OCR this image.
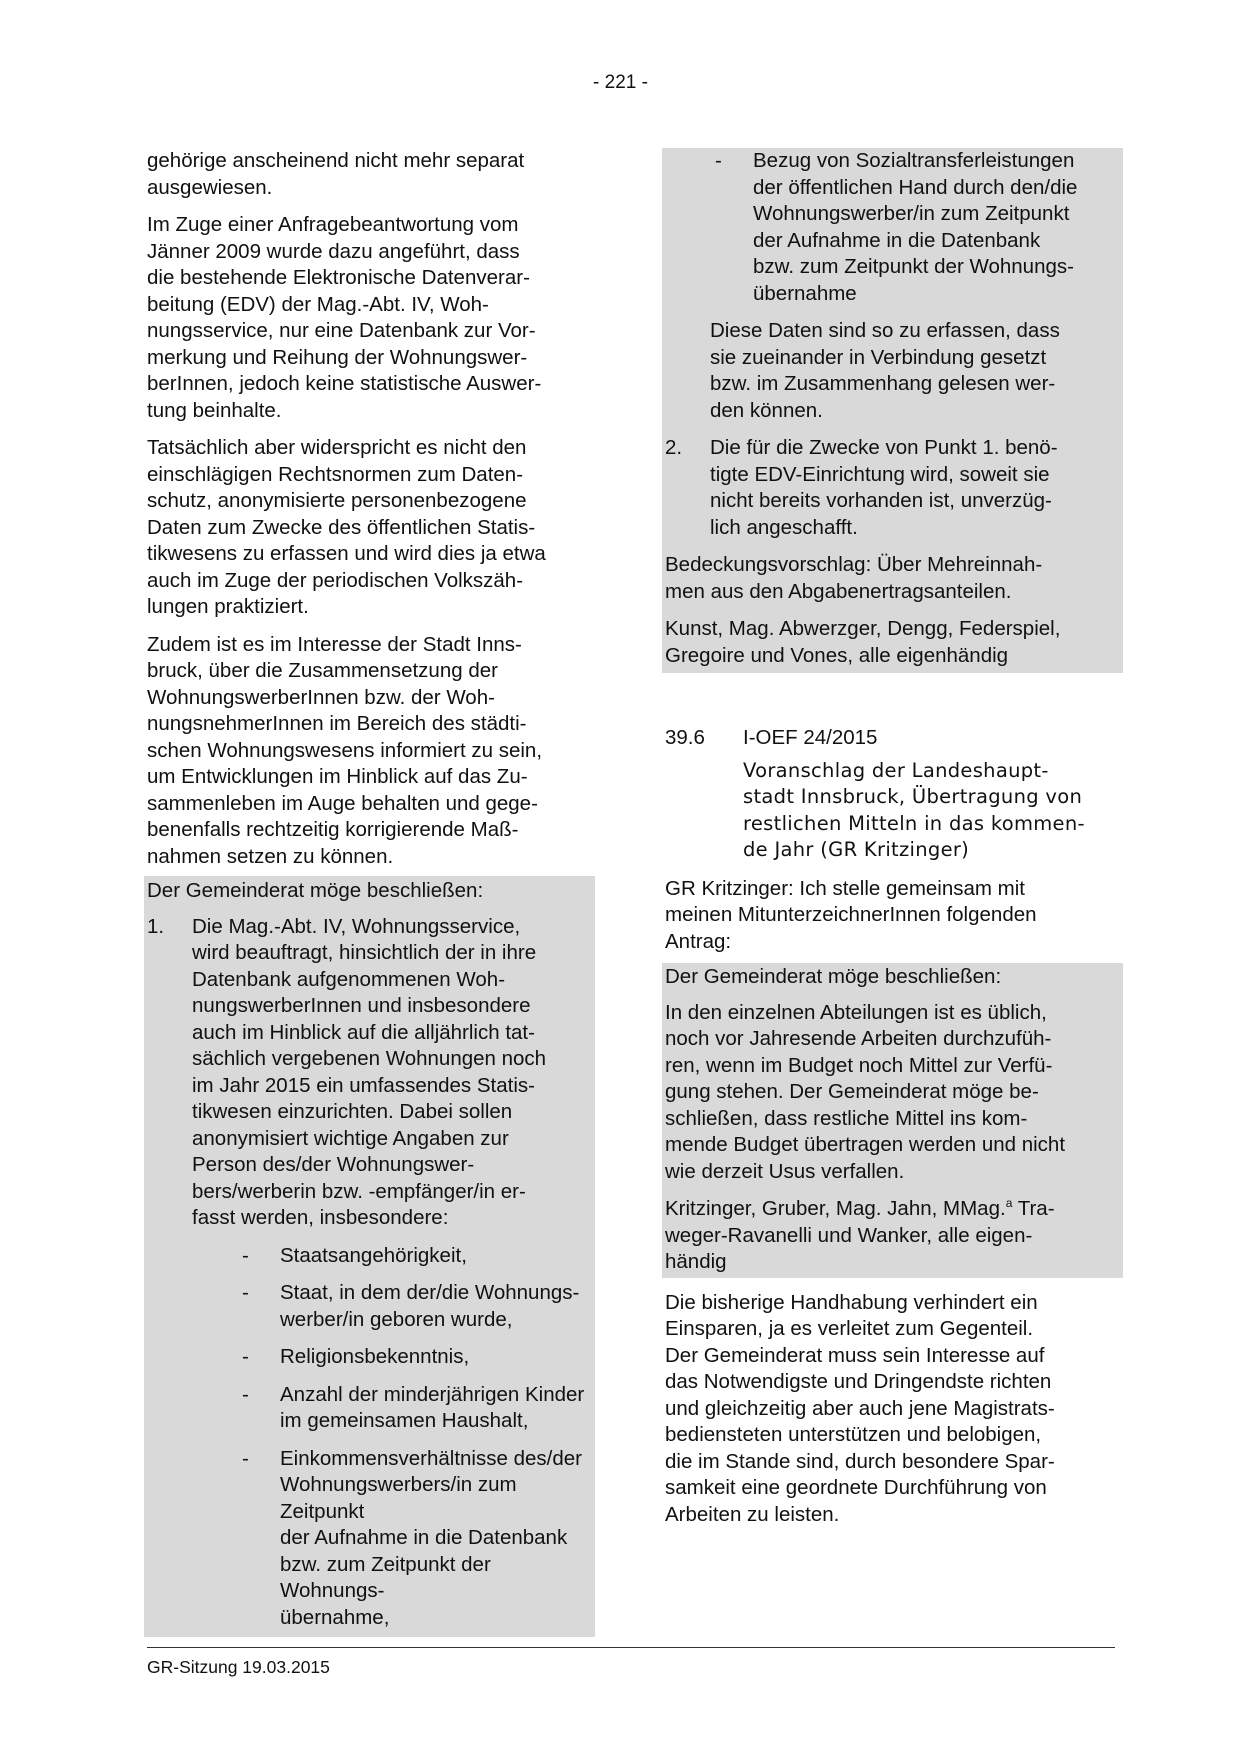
- 221 -

gehörige anscheinend nicht mehr separat
ausgewiesen.

Im Zuge einer Anfragebeantwortung vom
Jänner 2009 wurde dazu angeführt, dass
die bestehende Elektronische Datenverar-
beitung (EDV) der Mag.-Abt. IV, Woh-
nungsservice, nur eine Datenbank zur Vor-
merkung und Reihung der Wohnungswer-
berInnen, jedoch keine statistische Auswer-
tung beinhalte.

Tatsächlich aber widerspricht es nicht den
einschlägigen Rechtsnormen zum Daten-
schutz, anonymisierte personenbezogene
Daten zum Zwecke des öffentlichen Statis-
tikwesens zu erfassen und wird dies ja etwa
auch im Zuge der periodischen Volkszäh-
lungen praktiziert.

Zudem ist es im Interesse der Stadt Inns-
bruck, über die Zusammensetzung der
WohnungswerberInnen bzw. der Woh-
nungsnehmerInnen im Bereich des städti-
schen Wohnungswesens informiert zu sein,
um Entwicklungen im Hinblick auf das Zu-
sammenleben im Auge behalten und gege-
benenfalls rechtzeitig korrigierende Maß-
nahmen setzen zu können.

Der Gemeinderat möge beschließen:

1.	Die Mag.-Abt. IV, Wohnungsservice,
wird beauftragt, hinsichtlich der in ihre
Datenbank aufgenommenen Woh-
nungswerberInnen und insbesondere
auch im Hinblick auf die alljährlich tat-
sächlich vergebenen Wohnungen noch
im Jahr 2015 ein umfassendes Statis-
tikwesen einzurichten. Dabei sollen
anonymisiert wichtige Angaben zur
Person des/der Wohnungswer-
bers/werberin bzw. -empfänger/in er-
fasst werden, insbesondere:

-	Staatsangehörigkeit,
-	Staat, in dem der/die Wohnungs-
werber/in geboren wurde,
-	Religionsbekenntnis,
-	Anzahl der minderjährigen Kinder
im gemeinsamen Haushalt,
-	Einkommensverhältnisse des/der
Wohnungswerbers/in zum Zeitpunkt
der Aufnahme in die Datenbank
bzw. zum Zeitpunkt der Wohnungs-
übernahme,
-	Bezug von Sozialtransferleistungen
der öffentlichen Hand durch den/die
Wohnungswerber/in zum Zeitpunkt
der Aufnahme in die Datenbank
bzw. zum Zeitpunkt der Wohnungs-
übernahme

Diese Daten sind so zu erfassen, dass
sie zueinander in Verbindung gesetzt
bzw. im Zusammenhang gelesen wer-
den können.

2.	Die für die Zwecke von Punkt 1. benö-
tigte EDV-Einrichtung wird, soweit sie
nicht bereits vorhanden ist, unverzüg-
lich angeschafft.

Bedeckungsvorschlag: Über Mehreinnah-
men aus den Abgabenertragsanteilen.

Kunst, Mag. Abwerzger, Dengg, Federspiel,
Gregoire und Vones, alle eigenhändig

39.6	I-OEF 24/2015
Voranschlag der Landeshaupt-
stadt Innsbruck, Übertragung von
restlichen Mitteln in das kommen-
de Jahr (GR Kritzinger)

GR Kritzinger: Ich stelle gemeinsam mit
meinen MitunterzeichnerInnen folgenden
Antrag:

Der Gemeinderat möge beschließen:

In den einzelnen Abteilungen ist es üblich,
noch vor Jahresende Arbeiten durchzufüh-
ren, wenn im Budget noch Mittel zur Verfü-
gung stehen. Der Gemeinderat möge be-
schließen, dass restliche Mittel ins kom-
mende Budget übertragen werden und nicht
wie derzeit Usus verfallen.

Kritzinger, Gruber, Mag. Jahn, MMag.$^a$ Tra-
weger-Ravanelli und Wanker, alle eigen-
händig

Die bisherige Handhabung verhindert ein
Einsparen, ja es verleitet zum Gegenteil.
Der Gemeinderat muss sein Interesse auf
das Notwendigste und Dringendste richten
und gleichzeitig aber auch jene Magistrats-
bediensteten unterstützen und belobigen,
die im Stande sind, durch besondere Spar-
samkeit eine geordnete Durchführung von
Arbeiten zu leisten.

GR-Sitzung 19.03.2015
